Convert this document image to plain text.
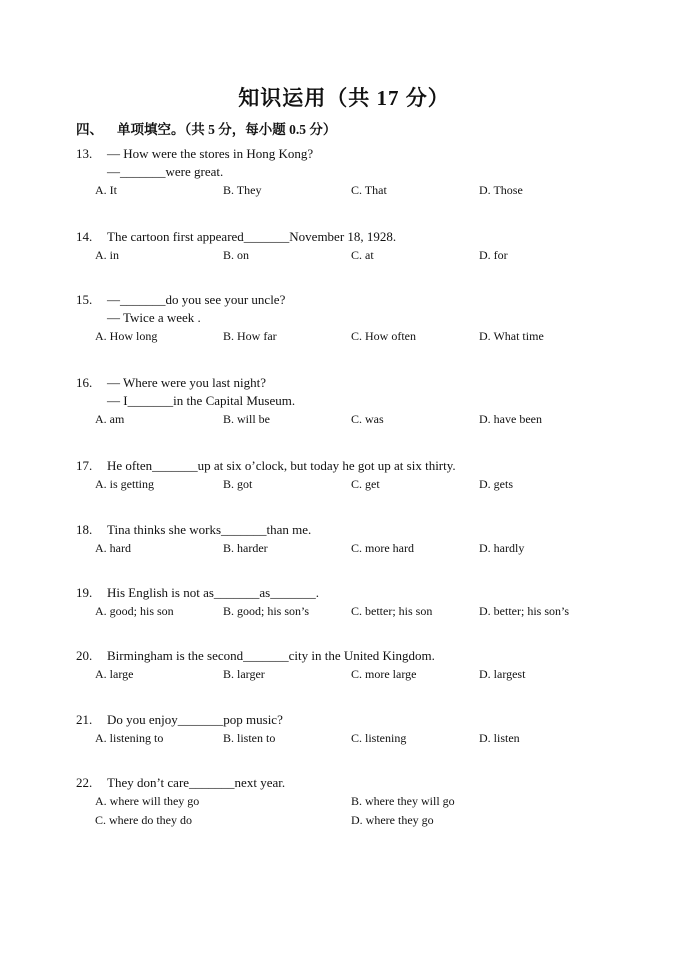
知识运用（共 17 分）
四、 单项填空。（共 5 分，每小题 0.5 分）
13. — How were the stores in Hong Kong?
—_______were great.
A. It	B. They	C. That	D. Those
14. The cartoon first appeared_______November 18, 1928.
A. in	B. on	C. at	D. for
15. —_______do you see your uncle?
— Twice a week .
A. How long	B. How far	C. How often	D. What time
16. — Where were you last night?
— I_______in the Capital Museum.
A. am	B. will be	C. was	D. have been
17. He often_______up at six o’clock, but today he got up at six thirty.
A. is getting	B. got	C. get	D. gets
18. Tina thinks she works_______than me.
A. hard	B. harder	C. more hard	D. hardly
19. His English is not as_______as_______.
A. good; his son	B. good; his son’s	C. better; his son	D. better; his son’s
20. Birmingham is the second_______city in the United Kingdom.
A. large	B. larger	C. more large	D. largest
21. Do you enjoy_______pop music?
A. listening to	B. listen to	C. listening	D. listen
22. They don’t care_______next year.
A. where will they go	B. where they will go
C. where do they do	D. where they go
